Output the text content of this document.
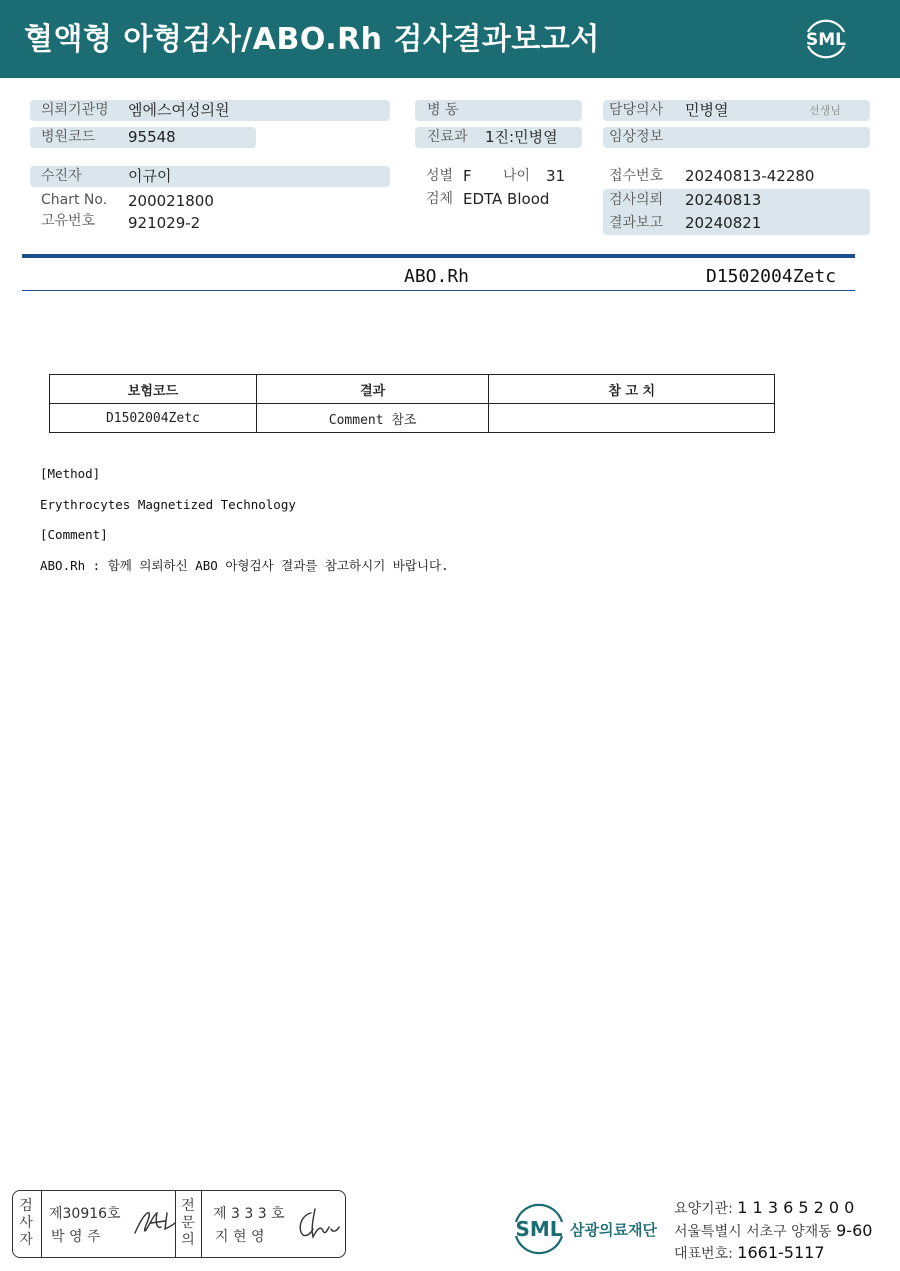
혈액형 아형검사/ABO.Rh 검사결과보고서	SML
의뢰기관명 엠에스여성의원
병원코드 95548
병 동
진료과 1진:민병열
담당의사 민병열	선생님
임상정보
수진자	이규이
Chart No. 200021800
고유번호 921029-2
성별 F 나이 31
검체 EDTA Blood
접수번호 20240813-42280
검사의뢰 20240813
결과보고 20240821
ABO.Rh	D1502004Zetc
보험코드	결과	참 고 치
D1502004Zetc	Comment 참조	
[Method]
Erythrocytes Magnetized Technology
[Comment]
ABO.Rh : 함께 의뢰하신 ABO 아형검사 결과를 참고하시기 바랍니다.
검사자
제30916호
박 영 주
전문의
제 3 3 3 호
지 현 영	SML 삼광의료재단
요양기관: 1 1 3 6 5 2 0 0
서울특별시 서초구 양재동 9-60
대표번호: 1661-5117
